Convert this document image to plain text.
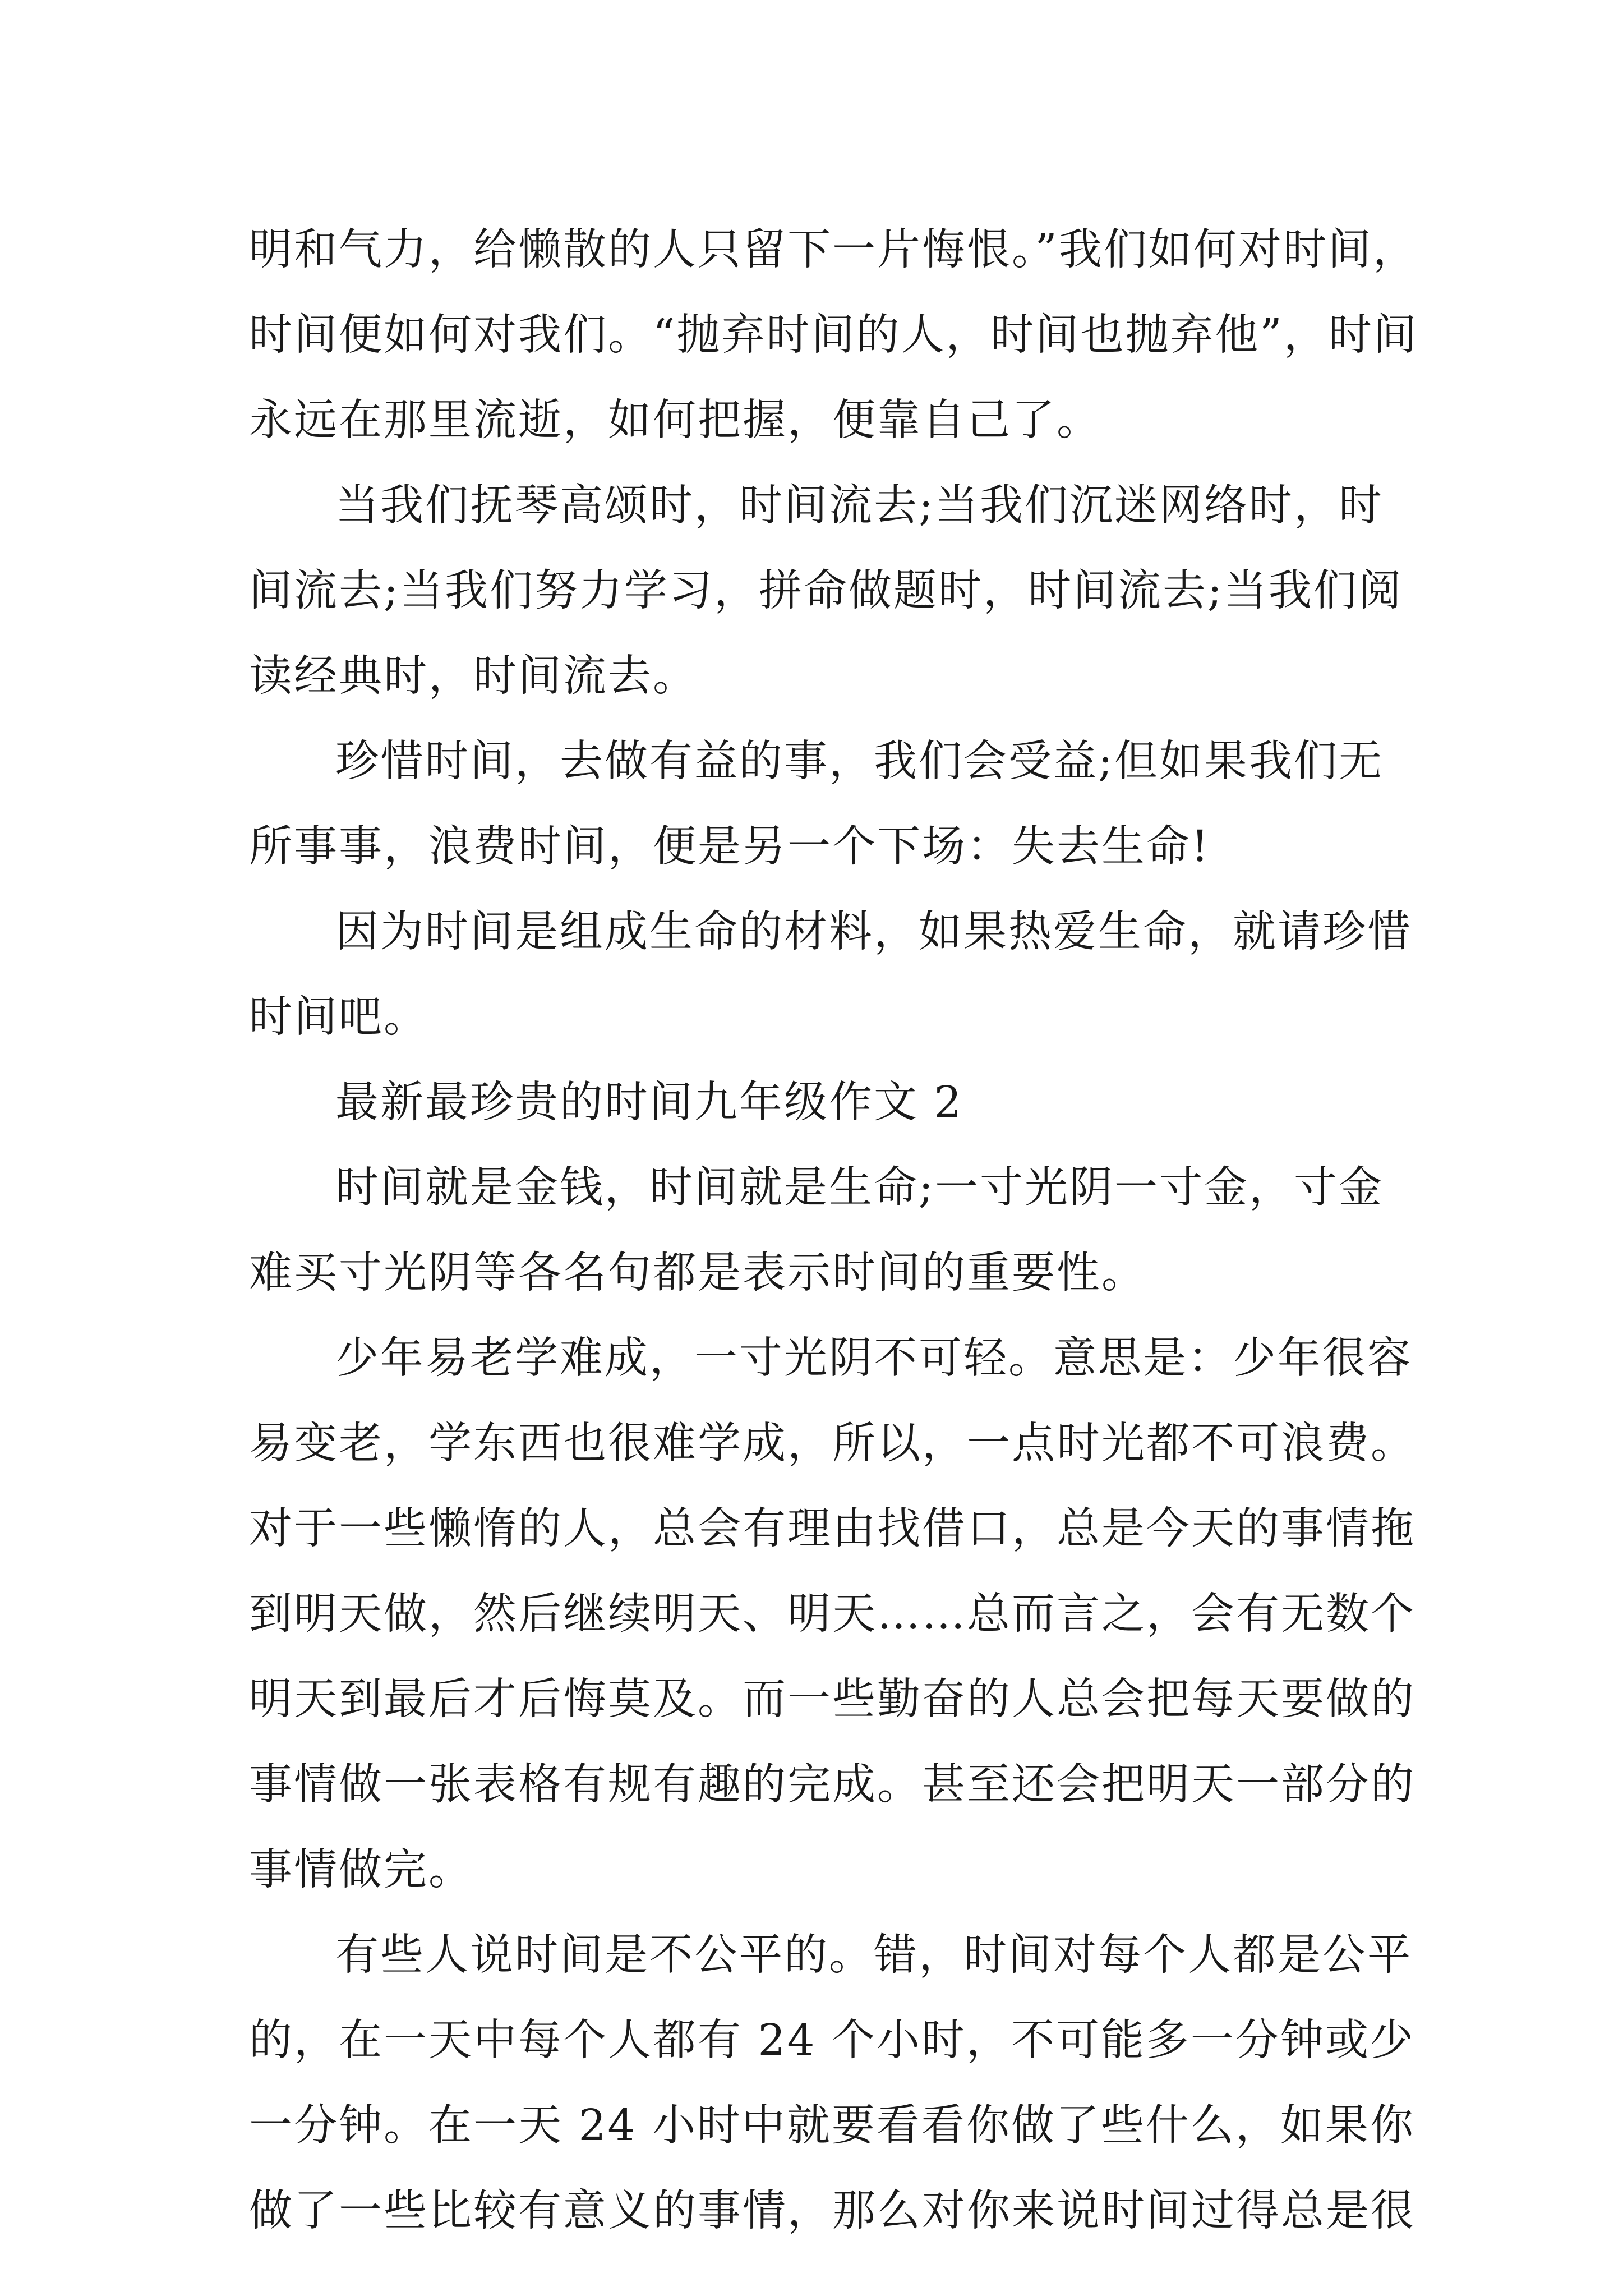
明和气力，给懒散的人只留下一片悔恨。”我们如何对时间，
时间便如何对我们。“抛弃时间的人，时间也抛弃他”，时间
永远在那里流逝，如何把握，便靠自己了。
当我们抚琴高颂时，时间流去;当我们沉迷网络时，时
间流去;当我们努力学习，拼命做题时，时间流去;当我们阅
读经典时，时间流去。
珍惜时间，去做有益的事，我们会受益;但如果我们无
所事事，浪费时间，便是另一个下场：失去生命!
因为时间是组成生命的材料，如果热爱生命，就请珍惜
时间吧。
最新最珍贵的时间九年级作文 2
时间就是金钱，时间就是生命;一寸光阴一寸金，寸金
难买寸光阴等各名句都是表示时间的重要性。
少年易老学难成，一寸光阴不可轻。意思是：少年很容
易变老，学东西也很难学成，所以，一点时光都不可浪费。
对于一些懒惰的人，总会有理由找借口，总是今天的事情拖
到明天做，然后继续明天、明天……总而言之，会有无数个
明天到最后才后悔莫及。而一些勤奋的人总会把每天要做的
事情做一张表格有规有趣的完成。甚至还会把明天一部分的
事情做完。
有些人说时间是不公平的。错，时间对每个人都是公平
的，在一天中每个人都有 24 个小时，不可能多一分钟或少
一分钟。在一天 24 小时中就要看看你做了些什么，如果你
做了一些比较有意义的事情，那么对你来说时间过得总是很
